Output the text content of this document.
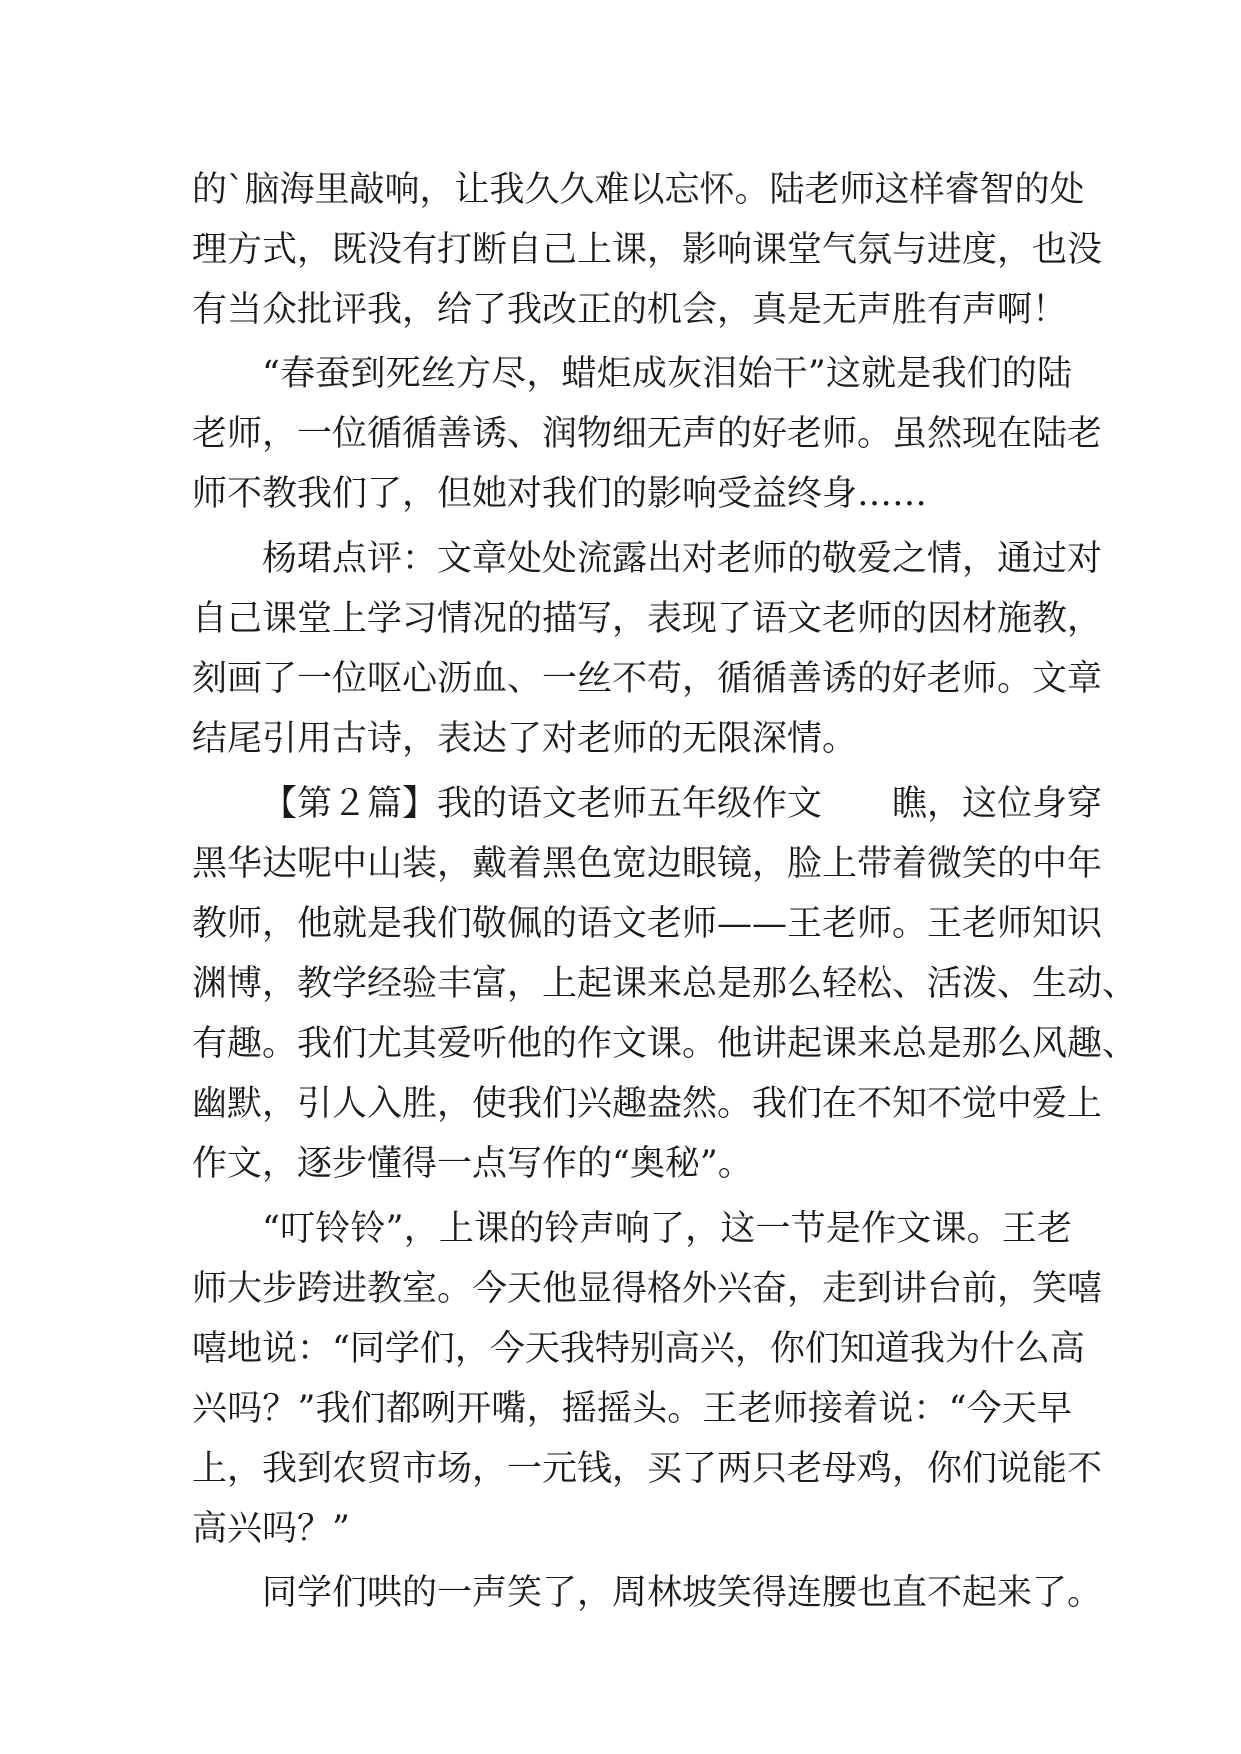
的`脑海里敲响，让我久久难以忘怀。陆老师这样睿智的处
理方式，既没有打断自己上课，影响课堂气氛与进度，也没
有当众批评我，给了我改正的机会，真是无声胜有声啊！
“春蚕到死丝方尽，蜡炬成灰泪始干”这就是我们的陆
老师，一位循循善诱、润物细无声的好老师。虽然现在陆老
师不教我们了，但她对我们的影响受益终身……
杨珺点评：文章处处流露出对老师的敬爱之情，通过对
自己课堂上学习情况的描写，表现了语文老师的因材施教，
刻画了一位呕心沥血、一丝不苟，循循善诱的好老师。文章
结尾引用古诗，表达了对老师的无限深情。
【第２篇】我的语文老师五年级作文　　瞧，这位身穿
黑华达呢中山装，戴着黑色宽边眼镜，脸上带着微笑的中年
教师，他就是我们敬佩的语文老师——王老师。王老师知识
渊博，教学经验丰富，上起课来总是那么轻松、活泼、生动、
有趣。我们尤其爱听他的作文课。他讲起课来总是那么风趣、
幽默，引人入胜，使我们兴趣盎然。我们在不知不觉中爱上
作文，逐步懂得一点写作的“奥秘”。
“叮铃铃”，上课的铃声响了，这一节是作文课。王老
师大步跨进教室。今天他显得格外兴奋，走到讲台前，笑嘻
嘻地说：“同学们，今天我特别高兴，你们知道我为什么高
兴吗？”我们都咧开嘴，摇摇头。王老师接着说：“今天早
上，我到农贸市场，一元钱，买了两只老母鸡，你们说能不
高兴吗？”
同学们哄的一声笑了，周林坡笑得连腰也直不起来了。
